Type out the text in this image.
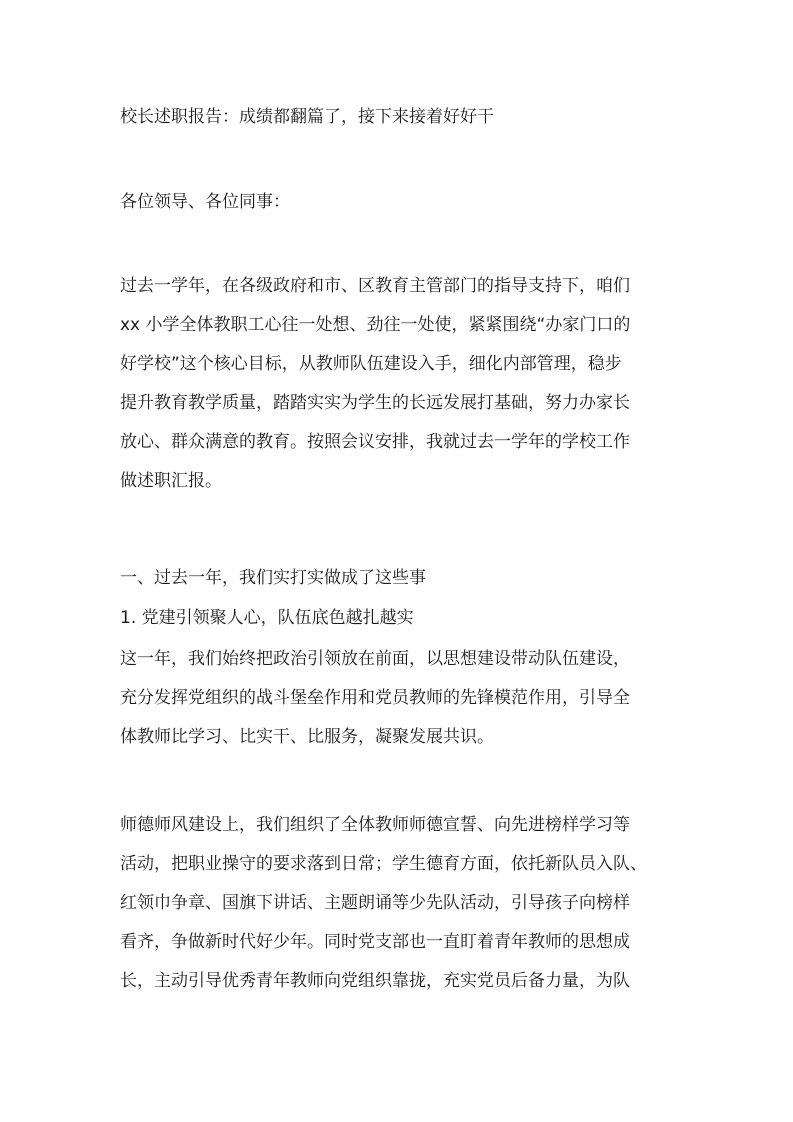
校长述职报告：成绩都翻篇了，接下来接着好好干
各位领导、各位同事：
过去一学年，在各级政府和市、区教育主管部门的指导支持下，咱们
xx 小学全体教职工心往一处想、劲往一处使，紧紧围绕“办家门口的
好学校”这个核心目标，从教师队伍建设入手，细化内部管理，稳步
提升教育教学质量，踏踏实实为学生的长远发展打基础，努力办家长
放心、群众满意的教育。按照会议安排，我就过去一学年的学校工作
做述职汇报。
一、过去一年，我们实打实做成了这些事
1. 党建引领聚人心，队伍底色越扎越实
这一年，我们始终把政治引领放在前面，以思想建设带动队伍建设，
充分发挥党组织的战斗堡垒作用和党员教师的先锋模范作用，引导全
体教师比学习、比实干、比服务，凝聚发展共识。
师德师风建设上，我们组织了全体教师师德宣誓、向先进榜样学习等
活动，把职业操守的要求落到日常；学生德育方面，依托新队员入队、
红领巾争章、国旗下讲话、主题朗诵等少先队活动，引导孩子向榜样
看齐，争做新时代好少年。同时党支部也一直盯着青年教师的思想成
长，主动引导优秀青年教师向党组织靠拢，充实党员后备力量，为队
